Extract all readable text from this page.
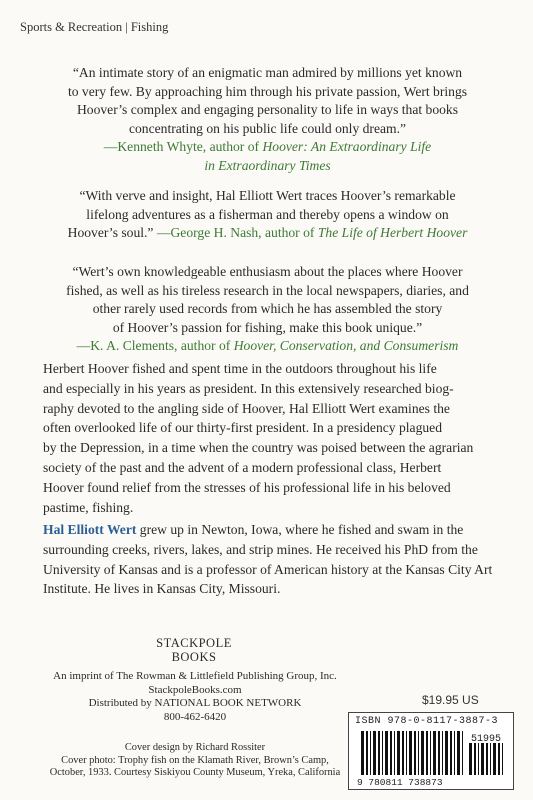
Sports & Recreation | Fishing
“An intimate story of an enigmatic man admired by millions yet known
to very few. By approaching him through his private passion, Wert brings
Hoover’s complex and engaging personality to life in ways that books
concentrating on his public life could only dream.”
—Kenneth Whyte, author of Hoover: An Extraordinary Life
in Extraordinary Times
“With verve and insight, Hal Elliott Wert traces Hoover’s remarkable
lifelong adventures as a fisherman and thereby opens a window on
Hoover’s soul.” —George H. Nash, author of The Life of Herbert Hoover
“Wert’s own knowledgeable enthusiasm about the places where Hoover
fished, as well as his tireless research in the local newspapers, diaries, and
other rarely used records from which he has assembled the story
of Hoover’s passion for fishing, make this book unique.”
—K. A. Clements, author of Hoover, Conservation, and Consumerism
Herbert Hoover fished and spent time in the outdoors throughout his life
and especially in his years as president. In this extensively researched biog-
raphy devoted to the angling side of Hoover, Hal Elliott Wert examines the
often overlooked life of our thirty-first president. In a presidency plagued
by the Depression, in a time when the country was poised between the agrarian
society of the past and the advent of a modern professional class, Herbert
Hoover found relief from the stresses of his professional life in his beloved
pastime, fishing.
Hal Elliott Wert grew up in Newton, Iowa, where he fished and swam in the surrounding creeks, rivers, lakes, and strip mines. He received his PhD from the University of Kansas and is a professor of American history at the Kansas City Art Institute. He lives in Kansas City, Missouri.
STACKPOLE
BOOKS
An imprint of The Rowman & Littlefield Publishing Group, Inc.
StackpoleBooks.com
Distributed by NATIONAL BOOK NETWORK
800-462-6420
$19.95 US
ISBN 978-0-8117-3887-3
51995
9 780811 738873
Cover design by Richard Rossiter
Cover photo: Trophy fish on the Klamath River, Brown’s Camp,
October, 1933. Courtesy Siskiyou County Museum, Yreka, California
